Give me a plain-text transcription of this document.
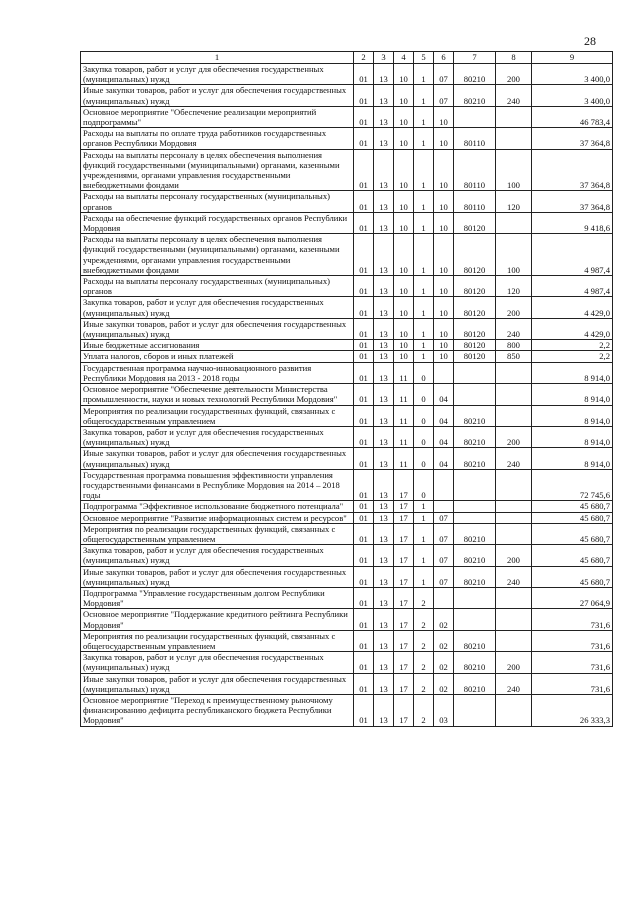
28
1	2	3	4	5	6	7	8	9
Закупка товаров, работ и услуг для обеспечения государственных (муниципальных) нужд	01	13	10	1	07	80210	200	3 400,0
Иные закупки товаров, работ и услуг для обеспечения государственных (муниципальных) нужд	01	13	10	1	07	80210	240	3 400,0
Основное мероприятие "Обеспечение реализации мероприятий подпрограммы"	01	13	10	1	10			46 783,4
Расходы на выплаты по оплате труда работников государственных органов Республики Мордовия	01	13	10	1	10	80110		37 364,8
Расходы на выплаты персоналу в целях обеспечения выполнения функций государственными (муниципальными) органами, казенными учреждениями, органами управления государственными внебюджетными фондами	01	13	10	1	10	80110	100	37 364,8
Расходы на выплаты персоналу государственных (муниципальных) органов	01	13	10	1	10	80110	120	37 364,8
Расходы на обеспечение функций государственных органов Республики Мордовия	01	13	10	1	10	80120		9 418,6
Расходы на выплаты персоналу в целях обеспечения выполнения функций государственными (муниципальными) органами, казенными учреждениями, органами управления государственными внебюджетными фондами	01	13	10	1	10	80120	100	4 987,4
Расходы на выплаты персоналу государственных (муниципальных) органов	01	13	10	1	10	80120	120	4 987,4
Закупка товаров, работ и услуг для обеспечения государственных (муниципальных) нужд	01	13	10	1	10	80120	200	4 429,0
Иные закупки товаров, работ и услуг для обеспечения государственных (муниципальных) нужд	01	13	10	1	10	80120	240	4 429,0
Иные бюджетные ассигнования	01	13	10	1	10	80120	800	2,2
Уплата налогов, сборов и иных платежей	01	13	10	1	10	80120	850	2,2
Государственная программа научно-инновационного развития Республики Мордовия на 2013 - 2018 годы	01	13	11	0				8 914,0
Основное мероприятие "Обеспечение деятельности Министерства промышленности, науки и новых технологий Республики Мордовия"	01	13	11	0	04			8 914,0
Мероприятия по реализации государственных функций, связанных с общегосударственным управлением	01	13	11	0	04	80210		8 914,0
Закупка товаров, работ и услуг для обеспечения государственных (муниципальных) нужд	01	13	11	0	04	80210	200	8 914,0
Иные закупки товаров, работ и услуг для обеспечения государственных (муниципальных) нужд	01	13	11	0	04	80210	240	8 914,0
Государственная программа повышения эффективности управления государственными финансами в Республике Мордовия на 2014 – 2018 годы	01	13	17	0				72 745,6
Подпрограмма "Эффективное использование бюджетного потенциала"	01	13	17	1				45 680,7
Основное мероприятие "Развитие информационных систем и ресурсов"	01	13	17	1	07			45 680,7
Мероприятия по реализации государственных функций, связанных с общегосударственным управлением	01	13	17	1	07	80210		45 680,7
Закупка товаров, работ и услуг для обеспечения государственных (муниципальных) нужд	01	13	17	1	07	80210	200	45 680,7
Иные закупки товаров, работ и услуг для обеспечения государственных (муниципальных) нужд	01	13	17	1	07	80210	240	45 680,7
Подпрограмма "Управление государственным долгом Республики Мордовия"	01	13	17	2				27 064,9
Основное мероприятие "Поддержание кредитного рейтинга Республики Мордовия"	01	13	17	2	02			731,6
Мероприятия по реализации государственных функций, связанных с общегосударственным управлением	01	13	17	2	02	80210		731,6
Закупка товаров, работ и услуг для обеспечения государственных (муниципальных) нужд	01	13	17	2	02	80210	200	731,6
Иные закупки товаров, работ и услуг для обеспечения государственных (муниципальных) нужд	01	13	17	2	02	80210	240	731,6
Основное мероприятие "Переход к преимущественному рыночному финансированию дефицита республиканского бюджета Республики Мордовия"	01	13	17	2	03			26 333,3
